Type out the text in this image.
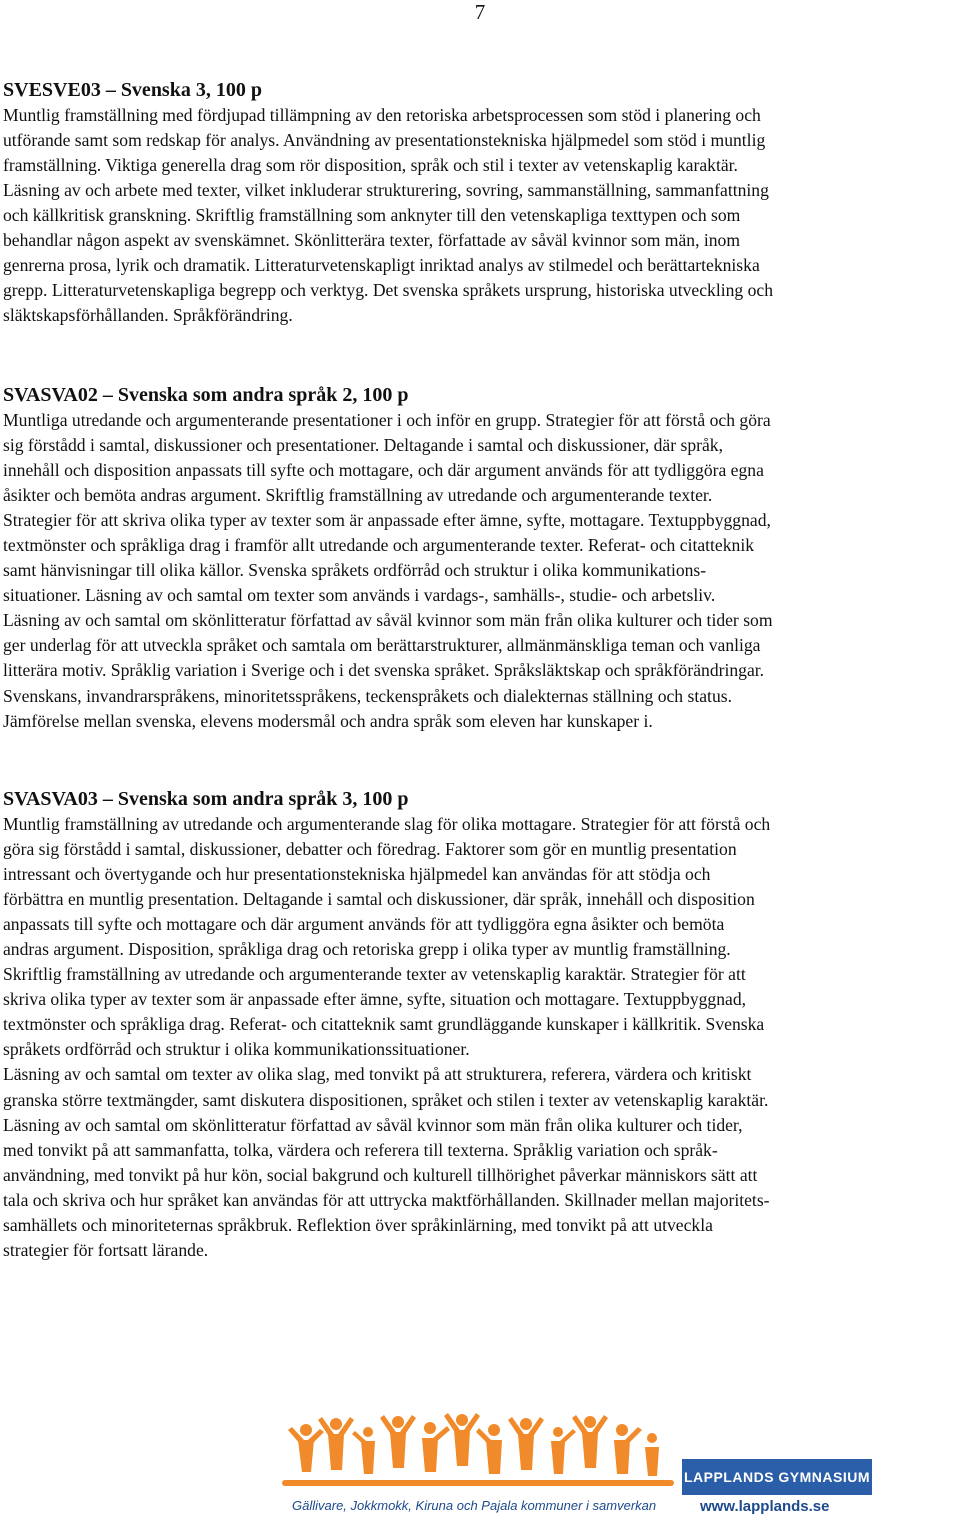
7
SVESVE03 – Svenska 3, 100 p

Muntlig framställning med fördjupad tillämpning av den retoriska arbetsprocessen som stöd i planering och
utförande samt som redskap för analys. Användning av presentationstekniska hjälpmedel som stöd i muntlig
framställning. Viktiga generella drag som rör disposition, språk och stil i texter av vetenskaplig karaktär.
Läsning av och arbete med texter, vilket inkluderar strukturering, sovring, sammanställning, sammanfattning
och källkritisk granskning. Skriftlig framställning som anknyter till den vetenskapliga texttypen och som
behandlar någon aspekt av svenskämnet. Skönlitterära texter, författade av såväl kvinnor som män, inom
genrerna prosa, lyrik och dramatik. Litteraturvetenskapligt inriktad analys av stilmedel och berättartekniska
grepp. Litteraturvetenskapliga begrepp och verktyg. Det svenska språkets ursprung, historiska utveckling och
släktskapsförhållanden. Språkförändring.

SVASVA02 – Svenska som andra språk 2, 100 p

Muntliga utredande och argumenterande presentationer i och inför en grupp. Strategier för att förstå och göra
sig förstådd i samtal, diskussioner och presentationer. Deltagande i samtal och diskussioner, där språk,
innehåll och disposition anpassats till syfte och mottagare, och där argument används för att tydliggöra egna
åsikter och bemöta andras argument. Skriftlig framställning av utredande och argumenterande texter.
Strategier för att skriva olika typer av texter som är anpassade efter ämne, syfte, mottagare. Textuppbyggnad,
textmönster och språkliga drag i framför allt utredande och argumenterande texter. Referat- och citatteknik
samt hänvisningar till olika källor. Svenska språkets ordförråd och struktur i olika kommunikations-
situationer. Läsning av och samtal om texter som används i vardags-, samhälls-, studie- och arbetsliv.
Läsning av och samtal om skönlitteratur författad av såväl kvinnor som män från olika kulturer och tider som
ger underlag för att utveckla språket och samtala om berättarstrukturer, allmänmänskliga teman och vanliga
litterära motiv. Språklig variation i Sverige och i det svenska språket. Språksläktskap och språkförändringar.
Svenskans, invandrarspråkens, minoritetsspråkens, teckenspråkets och dialekternas ställning och status.
Jämförelse mellan svenska, elevens modersmål och andra språk som eleven har kunskaper i.

SVASVA03 – Svenska som andra språk 3, 100 p

Muntlig framställning av utredande och argumenterande slag för olika mottagare. Strategier för att förstå och
göra sig förstådd i samtal, diskussioner, debatter och föredrag. Faktorer som gör en muntlig presentation
intressant och övertygande och hur presentationstekniska hjälpmedel kan användas för att stödja och
förbättra en muntlig presentation. Deltagande i samtal och diskussioner, där språk, innehåll och disposition
anpassats till syfte och mottagare och där argument används för att tydliggöra egna åsikter och bemöta
andras argument. Disposition, språkliga drag och retoriska grepp i olika typer av muntlig framställning.
Skriftlig framställning av utredande och argumenterande texter av vetenskaplig karaktär. Strategier för att
skriva olika typer av texter som är anpassade efter ämne, syfte, situation och mottagare. Textuppbyggnad,
textmönster och språkliga drag. Referat- och citatteknik samt grundläggande kunskaper i källkritik. Svenska
språkets ordförråd och struktur i olika kommunikationssituationer.
Läsning av och samtal om texter av olika slag, med tonvikt på att strukturera, referera, värdera och kritiskt
granska större textmängder, samt diskutera dispositionen, språket och stilen i texter av vetenskaplig karaktär.
Läsning av och samtal om skönlitteratur författad av såväl kvinnor som män från olika kulturer och tider,
med tonvikt på att sammanfatta, tolka, värdera och referera till texterna. Språklig variation och språk-
användning, med tonvikt på hur kön, social bakgrund och kulturell tillhörighet påverkar människors sätt att
tala och skriva och hur språket kan användas för att uttrycka maktförhållanden. Skillnader mellan majoritets-
samhällets och minoriteternas språkbruk. Reflektion över språkinlärning, med tonvikt på att utveckla
strategier för fortsatt lärande.

Gällivare, Jokkmokk, Kiruna och Pajala kommuner i samverkan
LAPPLANDS GYMNASIUM
www.lapplands.se
